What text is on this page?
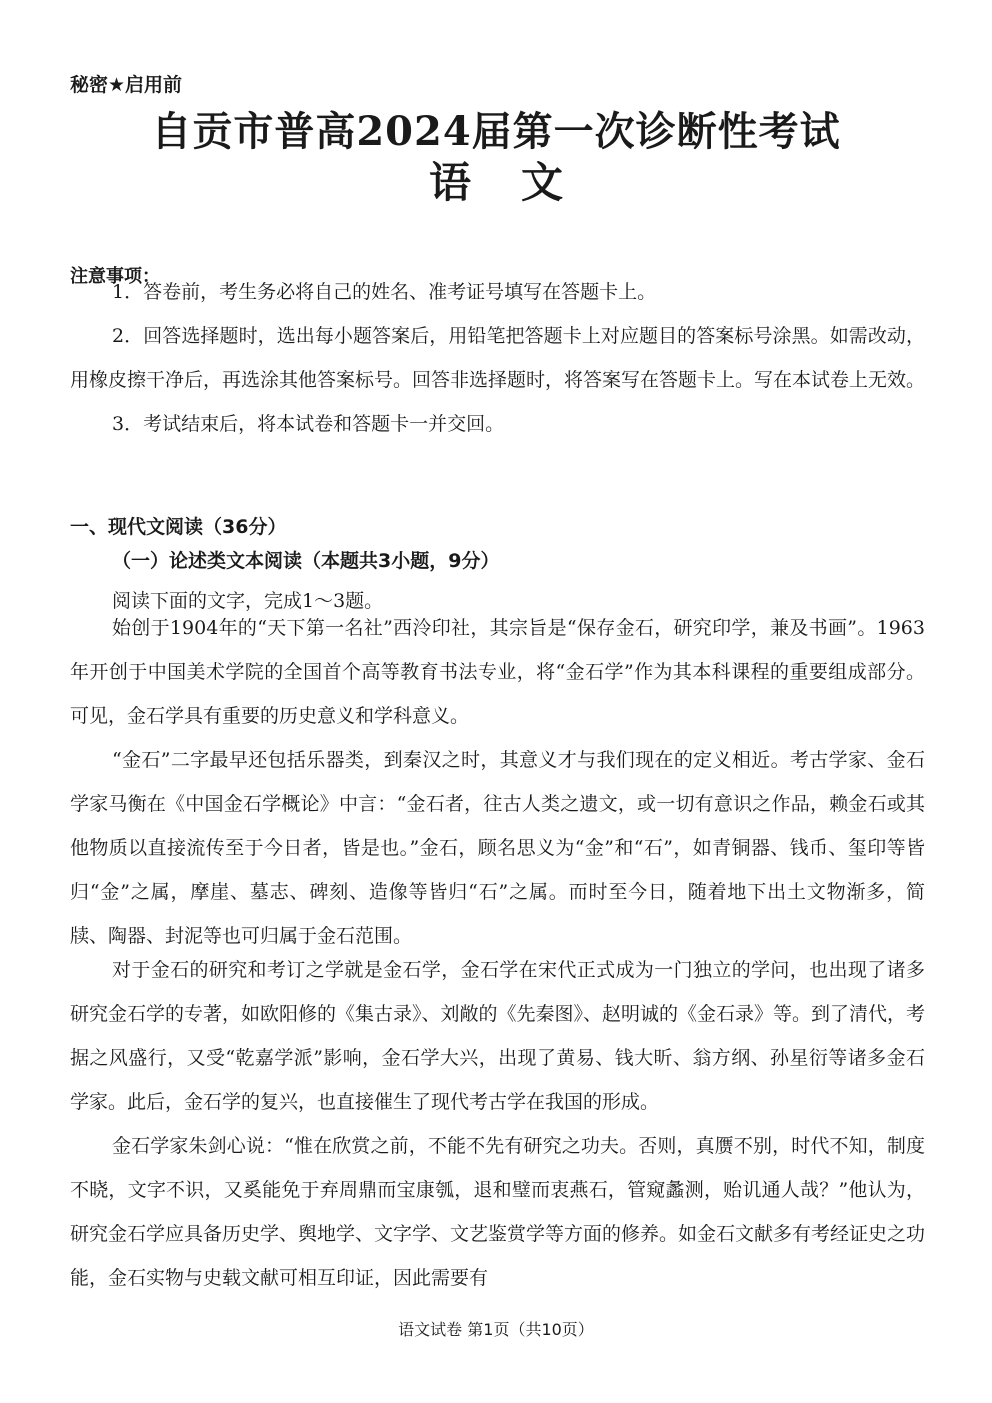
秘密★启用前
自贡市普高2024届第一次诊断性考试
语文
注意事项：

1．答卷前，考生务必将自己的姓名、准考证号填写在答题卡上。

2．回答选择题时，选出每小题答案后，用铅笔把答题卡上对应题目的答案标号涂黑。如需改动，用橡皮擦干净后，再选涂其他答案标号。回答非选择题时，将答案写在答题卡上。写在本试卷上无效。

3．考试结束后，将本试卷和答题卡一并交回。

一、现代文阅读（36分）
（一）论述类文本阅读（本题共3小题，9分）
阅读下面的文字，完成1～3题。

始创于1904年的“天下第一名社”西泠印社，其宗旨是“保存金石，研究印学，兼及书画”。1963年开创于中国美术学院的全国首个高等教育书法专业，将“金石学”作为其本科课程的重要组成部分。可见，金石学具有重要的历史意义和学科意义。

“金石”二字最早还包括乐器类，到秦汉之时，其意义才与我们现在的定义相近。考古学家、金石学家马衡在《中国金石学概论》中言：“金石者，往古人类之遗文，或一切有意识之作品，赖金石或其他物质以直接流传至于今日者，皆是也。”金石，顾名思义为“金”和“石”，如青铜器、钱币、玺印等皆归“金”之属，摩崖、墓志、碑刻、造像等皆归“石”之属。而时至今日，随着地下出土文物渐多，简牍、陶器、封泥等也可归属于金石范围。

对于金石的研究和考订之学就是金石学，金石学在宋代正式成为一门独立的学问，也出现了诸多研究金石学的专著，如欧阳修的《集古录》、刘敞的《先秦图》、赵明诚的《金石录》等。到了清代，考据之风盛行，又受“乾嘉学派”影响，金石学大兴，出现了黄易、钱大昕、翁方纲、孙星衍等诸多金石学家。此后，金石学的复兴，也直接催生了现代考古学在我国的形成。

金石学家朱剑心说：“惟在欣赏之前，不能不先有研究之功夫。否则，真赝不别，时代不知，制度不晓，文字不识，又奚能免于弃周鼎而宝康瓠，退和璧而衷燕石，管窥蠡测，贻讥通人哉？”他认为，研究金石学应具备历史学、舆地学、文字学、文艺鉴赏学等方面的修养。如金石文献多有考经证史之功能，金石实物与史载文献可相互印证，因此需要有

语文试卷 第1页（共10页）
